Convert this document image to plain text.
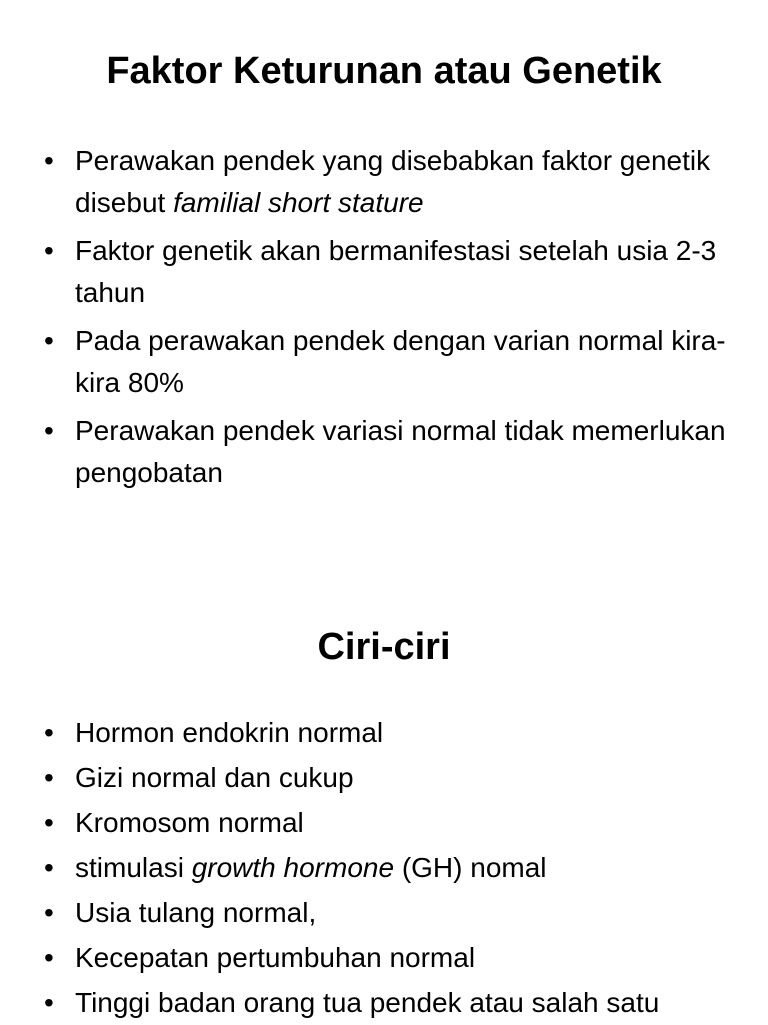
Faktor Keturunan atau Genetik
• Perawakan pendek yang disebabkan faktor genetik disebut familial short stature
• Faktor genetik akan bermanifestasi setelah usia 2-3 tahun
• Pada perawakan pendek dengan varian normal kira-kira 80%
• Perawakan pendek variasi normal tidak memerlukan pengobatan
Ciri-ciri
• Hormon endokrin normal
• Gizi normal dan cukup
• Kromosom normal
• stimulasi growth hormone (GH) nomal
• Usia tulang normal,
• Kecepatan pertumbuhan normal
• Tinggi badan orang tua pendek atau salah satu
